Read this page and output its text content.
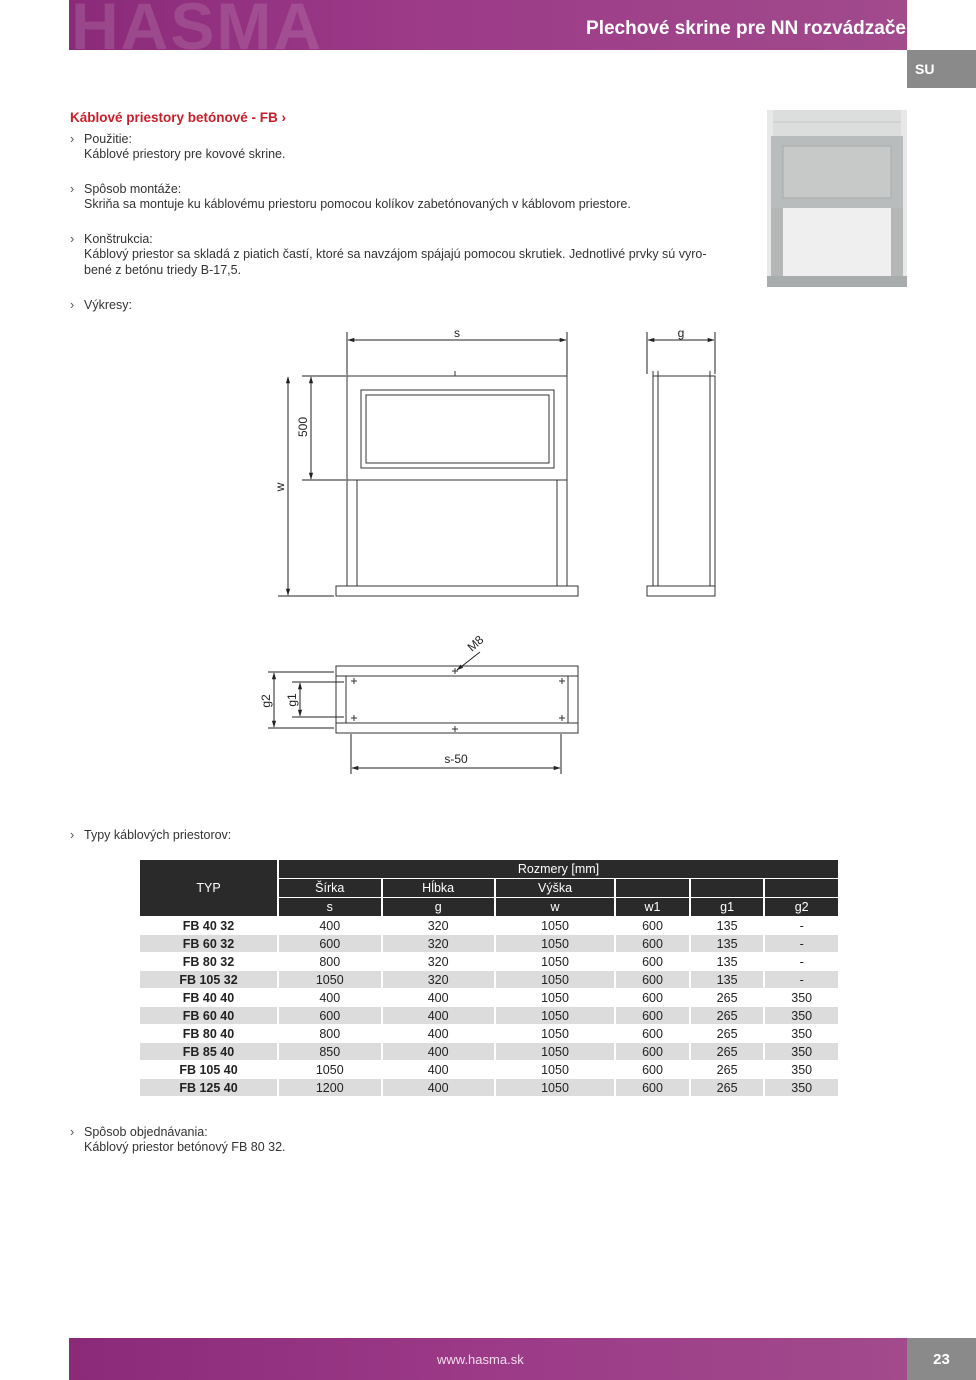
HASMA	Plechové skrine pre NN rozvádzače
SU
Káblové priestory betónové - FB ›
› Použitie:
Káblové priestory pre kovové skrine.
› Spôsob montáže:
Skriňa sa montuje ku káblovému priestoru pomocou kolíkov zabetónovaných v káblovom priestore.
› Konštrukcia:
Káblový priestor sa skladá z piatich častí, ktoré sa navzájom spájajú pomocou skrutiek. Jednotlivé prvky sú vyro-
bené z betónu triedy B-17,5.
› Výkresy:
› Typy káblových priestorov:
› Spôsob objednávania:
Káblový priestor betónový FB 80 32.
s
500
w
g
M8
g2 g1
s-50
TYP	Rozmery [mm]					
	Šírka	Hĺbka	Výška			
	s	g	w	w1	g1	g2
FB 40 32	400	320	1050	600	135	-
FB 60 32	600	320	1050	600	135	-
FB 80 32	800	320	1050	600	135	-
FB 105 32	1050	320	1050	600	135	-
FB 40 40	400	400	1050	600	265	350
FB 60 40	600	400	1050	600	265	350
FB 80 40	800	400	1050	600	265	350
FB 85 40	850	400	1050	600	265	350
FB 105 40	1050	400	1050	600	265	350
FB 125 40	1200	400	1050	600	265	350
www.hasma.sk	23
